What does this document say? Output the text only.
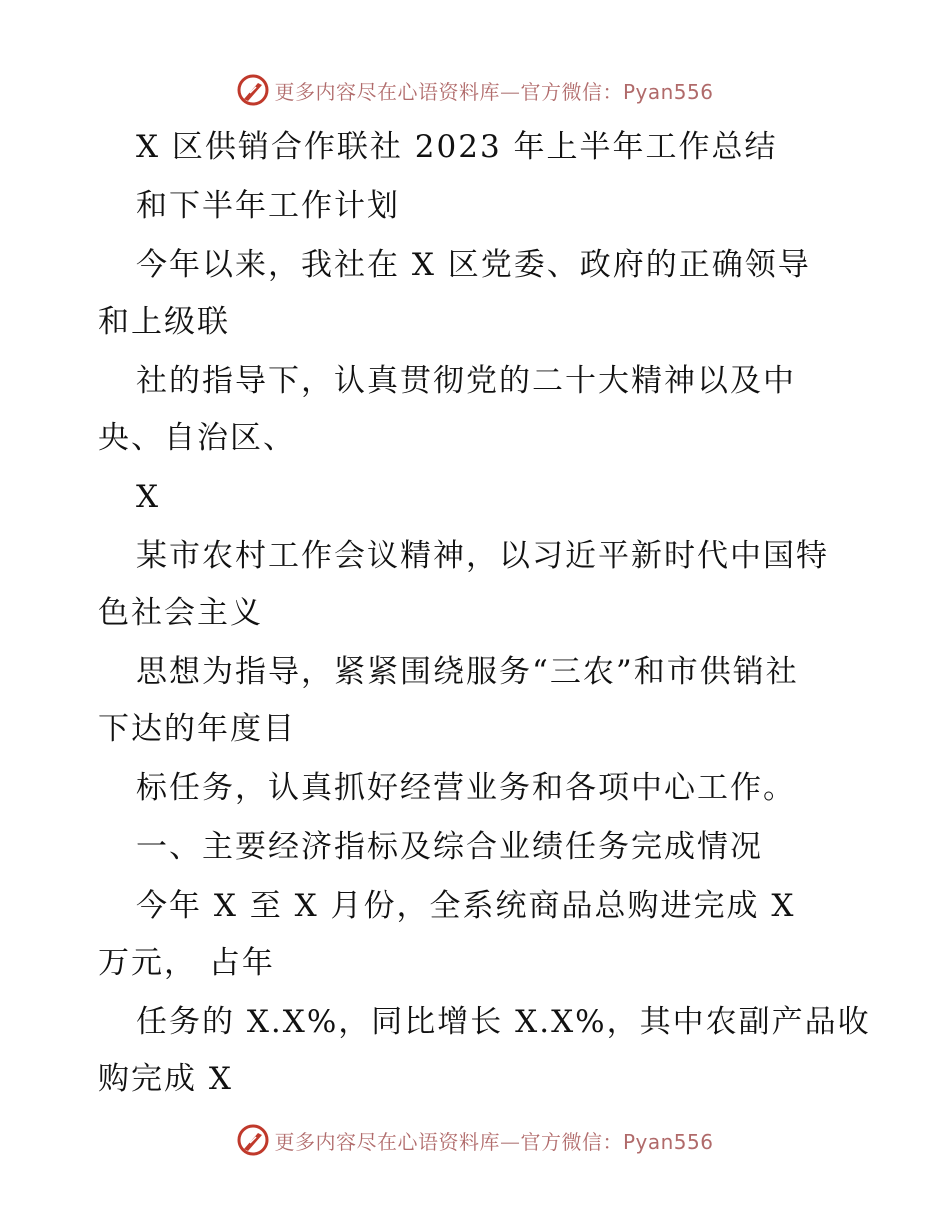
更多内容尽在心语资料库—官方微信：Pyan556
X 区供销合作联社 2023 年上半年工作总结
和下半年工作计划
今年以来，我社在 X 区党委、政府的正确领导
和上级联
社的指导下，认真贯彻党的二十大精神以及中
央、自治区、
X
某市农村工作会议精神，以习近平新时代中国特
色社会主义
思想为指导，紧紧围绕服务“三农”和市供销社
下达的年度目
标任务，认真抓好经营业务和各项中心工作。
一、主要经济指标及综合业绩任务完成情况
今年 X 至 X 月份，全系统商品总购进完成 X
万元， 占年
任务的 X.X%，同比增长 X.X%，其中农副产品收
购完成 X
更多内容尽在心语资料库—官方微信：Pyan556
